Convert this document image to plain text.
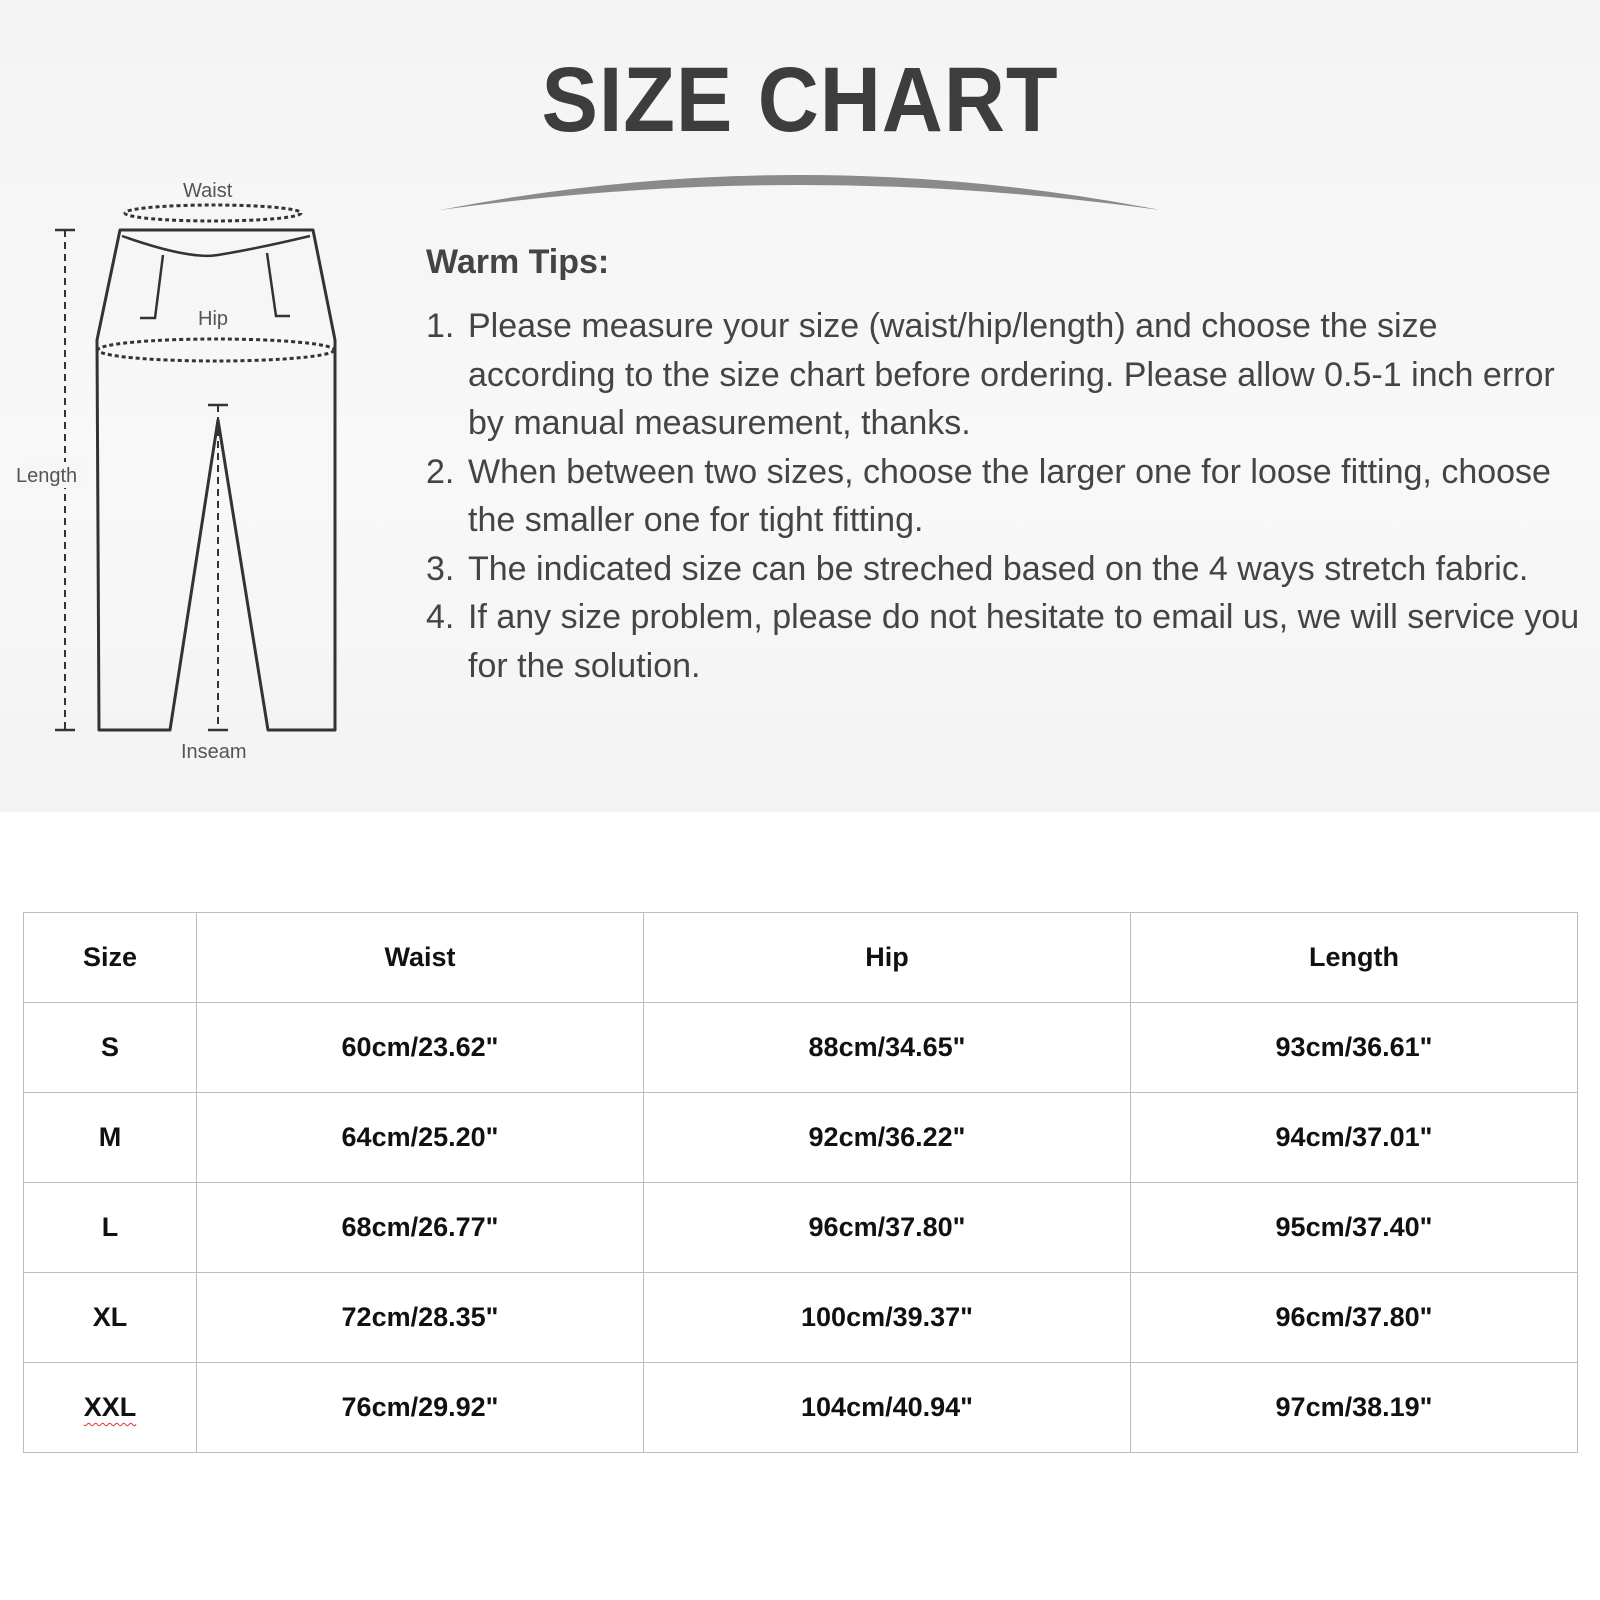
SIZE CHART
Waist
Hip
Length
Inseam
Warm Tips:
1. Please measure your size (waist/hip/length) and choose the size according to the size chart before ordering. Please allow 0.5-1 inch error by manual measurement, thanks.
2. When between two sizes, choose the larger one for loose fitting, choose the smaller one for tight fitting.
3. The indicated size can be streched based on the 4 ways stretch fabric.
4. If any size problem, please do not hesitate to email us, we will service you for the solution.
Size	Waist	Hip	Length
S	60cm/23.62"	88cm/34.65"	93cm/36.61"
M	64cm/25.20"	92cm/36.22"	94cm/37.01"
L	68cm/26.77"	96cm/37.80"	95cm/37.40"
XL	72cm/28.35"	100cm/39.37"	96cm/37.80"
XXL	76cm/29.92"	104cm/40.94"	97cm/38.19"
